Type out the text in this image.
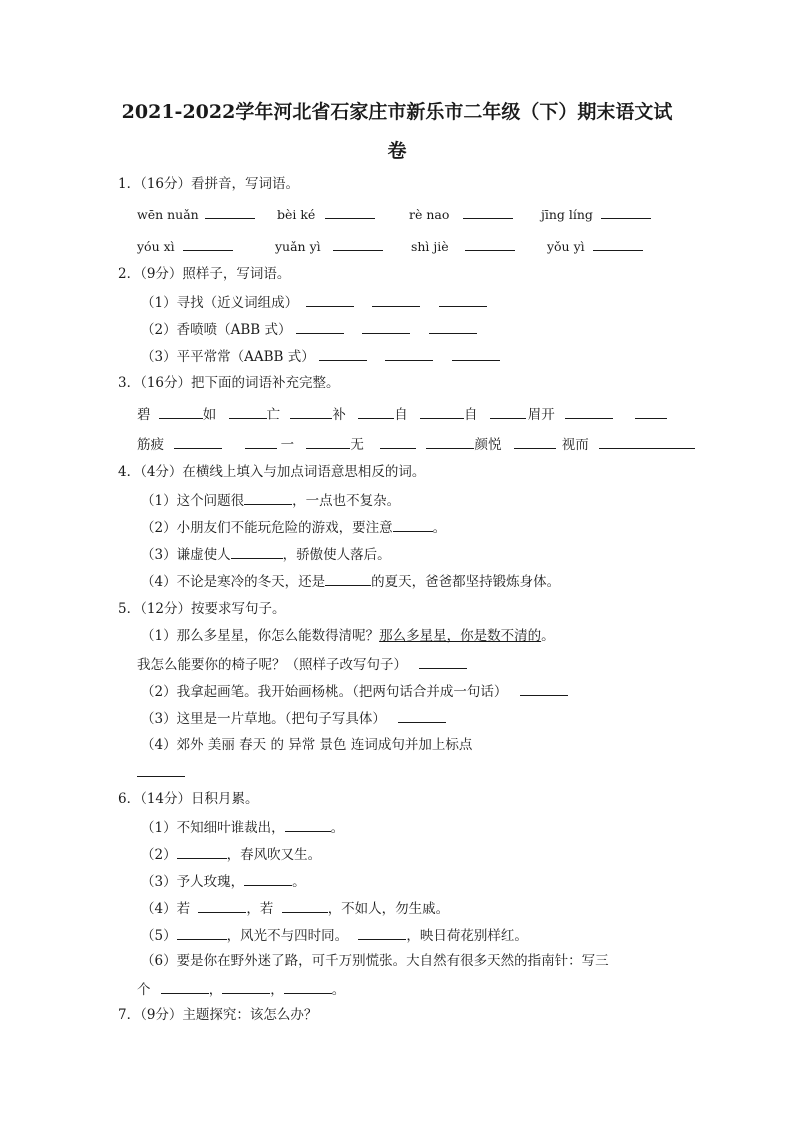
2021-2022学年河北省石家庄市新乐市二年级（下）期末语文试
卷
1．（16分）看拼音，写词语。
wēn nuǎn	bèi ké	rè nao	jīng líng
yóu xì	yuǎn yì	shì jiè	yǒu yì
2．（9分）照样子，写词语。
（1）寻找（近义词组成）
（2）香喷喷（ABB 式）
（3）平平常常（AABB 式）
3．（16分）把下面的词语补充完整。
碧	如	亡	补	自	自	眉开
筋疲	一	无	颜悦	视而
4．（4分）在横线上填入与加点词语意思相反的词。
（1）这个问题很	，一点也不复杂。
（2）小朋友们不能玩危险的游戏，要注意	。
（3）谦虚使人	，骄傲使人落后。
（4）不论是寒冷的冬天，还是	的夏天，爸爸都坚持锻炼身体。
5．（12分）按要求写句子。
（1）那么多星星，你怎么能数得清呢？那么多星星，你是数不清的。
我怎么能要你的椅子呢？（照样子改写句子）
（2）我拿起画笔。我开始画杨桃。（把两句话合并成一句话）
（3）这里是一片草地。（把句子写具体）
（4）郊外 美丽 春天 的 异常 景色 连词成句并加上标点
6．（14分）日积月累。
（1）不知细叶谁裁出，	。
（2）	，春风吹又生。
（3）予人玫瑰，	。
（4）若	，若	，不如人，勿生戚。
（5）	，风光不与四时同。	，映日荷花别样红。
（6）要是你在野外迷了路，可千万别慌张。大自然有很多天然的指南针：写三
个	，	，	。
7．（9分）主题探究：该怎么办？
